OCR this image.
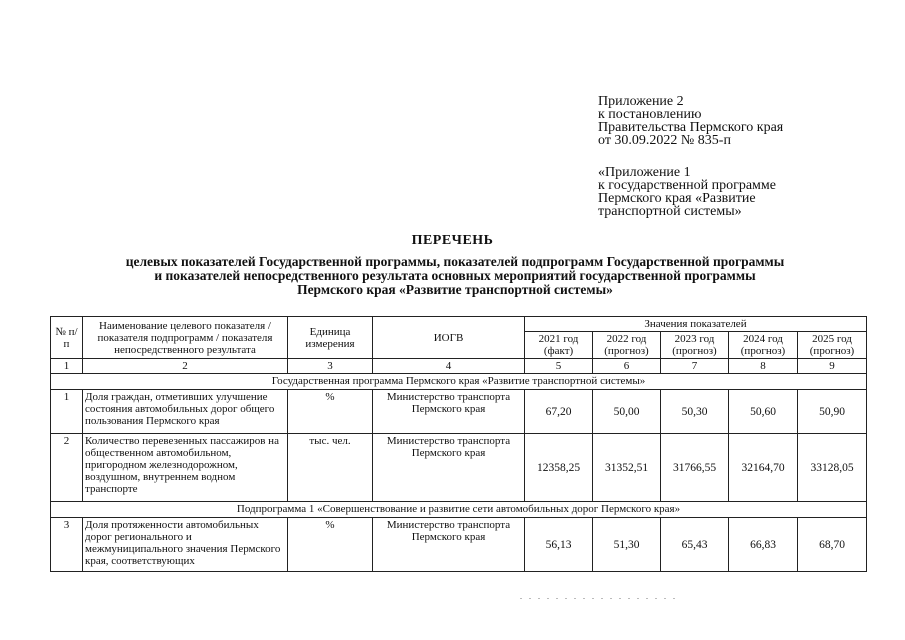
Приложение 2
к постановлению
Правительства Пермского края
от 30.09.2022 № 835-п
«Приложение 1
к государственной программе
Пермского края «Развитие
транспортной системы»
ПЕРЕЧЕНЬ
целевых показателей Государственной программы, показателей подпрограмм Государственной программы
и показателей непосредственного результата основных мероприятий государственной программы
Пермского края «Развитие транспортной системы»
№ п/п	Наименование целевого показателя / показателя подпрограмм / показателя непосредственного результата	Единица измерения	ИОГВ	Значения показателей				
				2021 год (факт)	2022 год (прогноз)	2023 год (прогноз)	2024 год (прогноз)	2025 год (прогноз)
1	2	3	4	5	6	7	8	9
Государственная программа Пермского края «Развитие транспортной системы»								
1	Доля граждан, отметивших улучшение состояния автомобильных дорог общего пользования Пермского края	%	Министерство транспорта Пермского края	67,20	50,00	50,30	50,60	50,90
2	Количество перевезенных пассажиров на общественном автомобильном, пригородном железнодорожном, воздушном, внутреннем водном транспорте	тыс. чел.	Министерство транспорта Пермского края	12358,25	31352,51	31766,55	32164,70	33128,05
Подпрограмма 1 «Совершенствование и развитие сети автомобильных дорог Пермского края»								
3	Доля протяженности автомобильных дорог регионального и межмуниципального значения Пермского края, соответствующих	%	Министерство транспорта Пермского края	56,13	51,30	65,43	66,83	68,70
